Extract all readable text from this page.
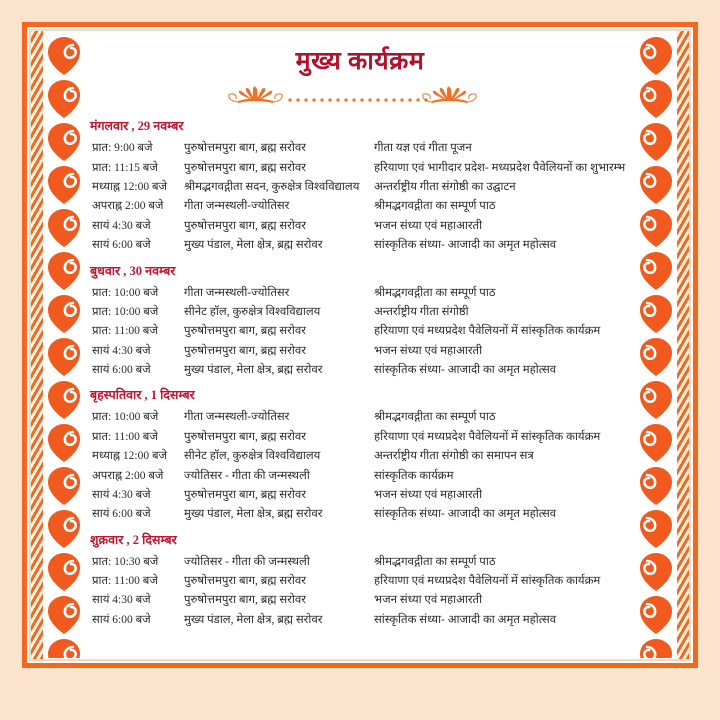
मुख्य कार्यक्रम
मंगलवार , 29 नवम्बर
प्रात: 9:00 बजे	पुरुषोत्तमपुरा बाग, ब्रह्म सरोवर	गीता यज्ञ एवं गीता पूजन
प्रात: 11:15 बजे	पुरुषोत्तमपुरा बाग, ब्रह्म सरोवर	हरियाणा एवं भागीदार प्रदेश- मध्यप्रदेश पैवेलियनों का शुभारम्भ
मध्याह्न 12:00 बजे	श्रीमद्भगवद्गीता सदन, कुरुक्षेत्र विश्वविद्यालय	अन्तर्राष्ट्रीय गीता संगोष्ठी का उद्घाटन
अपराह्न 2:00 बजे	गीता जन्मस्थली-ज्योतिसर	श्रीमद्भगवद्गीता का सम्पूर्ण पाठ
सायं 4:30 बजे	पुरुषोत्तमपुरा बाग, ब्रह्म सरोवर	भजन संध्या एवं महाआरती
सायं 6:00 बजे	मुख्य पंडाल, मेला क्षेत्र, ब्रह्म सरोवर	सांस्कृतिक संध्या- आजादी का अमृत महोत्सव
बुधवार , 30 नवम्बर
प्रात: 10:00 बजे	गीता जन्मस्थली-ज्योतिसर	श्रीमद्भगवद्गीता का सम्पूर्ण पाठ
प्रात: 10:00 बजे	सीनेट हॉल, कुरुक्षेत्र विश्वविद्यालय	अन्तर्राष्ट्रीय गीता संगोष्ठी
प्रात: 11:00 बजे	पुरुषोत्तमपुरा बाग, ब्रह्म सरोवर	हरियाणा एवं मध्यप्रदेश पैवेलियनों में सांस्कृतिक कार्यक्रम
सायं 4:30 बजे	पुरुषोत्तमपुरा बाग, ब्रह्म सरोवर	भजन संध्या एवं महाआरती
सायं 6:00 बजे	मुख्य पंडाल, मेला क्षेत्र, ब्रह्म सरोवर	सांस्कृतिक संध्या- आजादी का अमृत महोत्सव
बृहस्पतिवार , 1 दिसम्बर
प्रात: 10:00 बजे	गीता जन्मस्थली-ज्योतिसर	श्रीमद्भगवद्गीता का सम्पूर्ण पाठ
प्रात: 11:00 बजे	पुरुषोत्तमपुरा बाग, ब्रह्म सरोवर	हरियाणा एवं मध्यप्रदेश पैवेलियनों में सांस्कृतिक कार्यक्रम
मध्याह्न 12:00 बजे	सीनेट हॉल, कुरुक्षेत्र विश्वविद्यालय	अन्तर्राष्ट्रीय गीता संगोष्ठी का समापन सत्र
अपराह्न 2:00 बजे	ज्योतिसर - गीता की जन्मस्थली	सांस्कृतिक कार्यक्रम
सायं 4:30 बजे	पुरुषोत्तमपुरा बाग, ब्रह्म सरोवर	भजन संध्या एवं महाआरती
सायं 6:00 बजे	मुख्य पंडाल, मेला क्षेत्र, ब्रह्म सरोवर	सांस्कृतिक संध्या- आजादी का अमृत महोत्सव
शुक्रवार , 2 दिसम्बर
प्रात: 10:30 बजे	ज्योतिसर - गीता की जन्मस्थली	श्रीमद्भगवद्गीता का सम्पूर्ण पाठ
प्रात: 11:00 बजे	पुरुषोत्तमपुरा बाग, ब्रह्म सरोवर	हरियाणा एवं मध्यप्रदेश पैवेलियनों में सांस्कृतिक कार्यक्रम
सायं 4:30 बजे	पुरुषोत्तमपुरा बाग, ब्रह्म सरोवर	भजन संध्या एवं महाआरती
सायं 6:00 बजे	मुख्य पंडाल, मेला क्षेत्र, ब्रह्म सरोवर	सांस्कृतिक संध्या- आजादी का अमृत महोत्सव
